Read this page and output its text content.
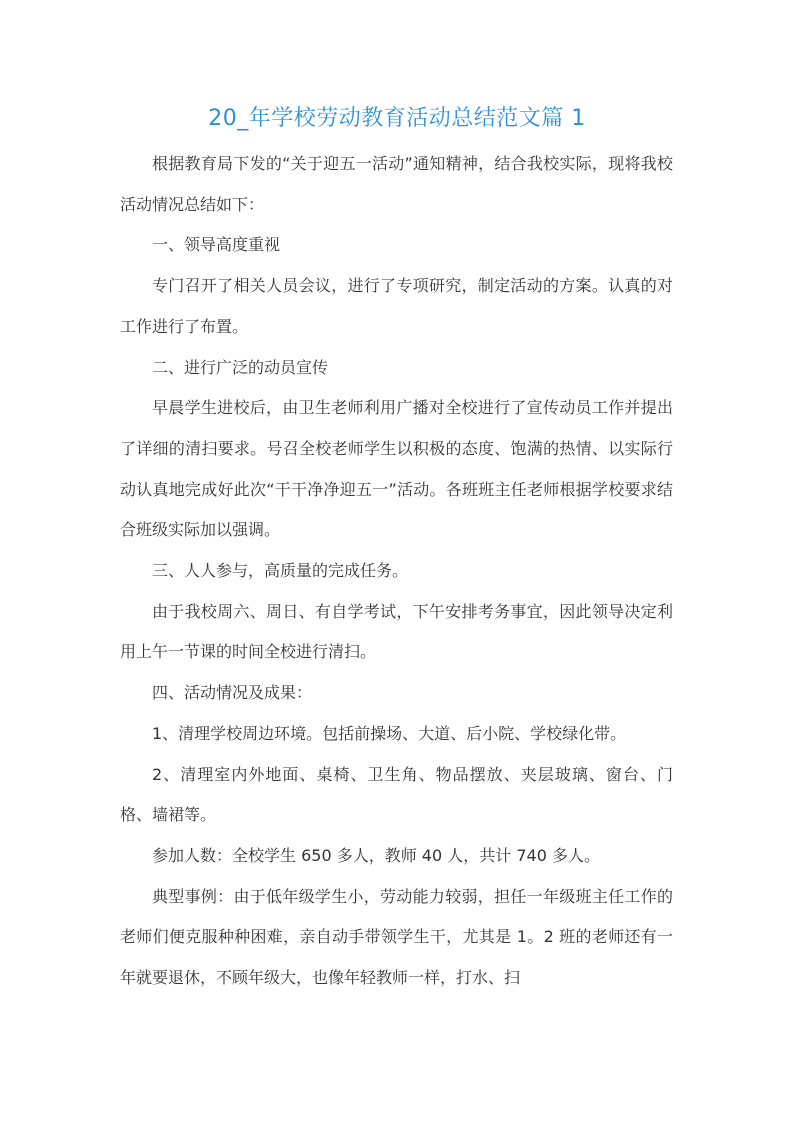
20_年学校劳动教育活动总结范文篇 1

根据教育局下发的“关于迎五一活动”通知精神，结合我校实际，现将我校活动情况总结如下：

一、领导高度重视

专门召开了相关人员会议，进行了专项研究，制定活动的方案。认真的对工作进行了布置。

二、进行广泛的动员宣传

早晨学生进校后，由卫生老师利用广播对全校进行了宣传动员工作并提出了详细的清扫要求。号召全校老师学生以积极的态度、饱满的热情、以实际行动认真地完成好此次“干干净净迎五一”活动。各班班主任老师根据学校要求结合班级实际加以强调。

三、人人参与，高质量的完成任务。

由于我校周六、周日、有自学考试，下午安排考务事宜，因此领导决定利用上午一节课的时间全校进行清扫。

四、活动情况及成果：

1、清理学校周边环境。包括前操场、大道、后小院、学校绿化带。

2、清理室内外地面、桌椅、卫生角、物品摆放、夹层玻璃、窗台、门格、墙裙等。

参加人数：全校学生 650 多人，教师 40 人，共计 740 多人。

典型事例：由于低年级学生小，劳动能力较弱，担任一年级班主任工作的老师们便克服种种困难，亲自动手带领学生干，尤其是 1。2 班的老师还有一年就要退休，不顾年级大，也像年轻教师一样，打水、扫
